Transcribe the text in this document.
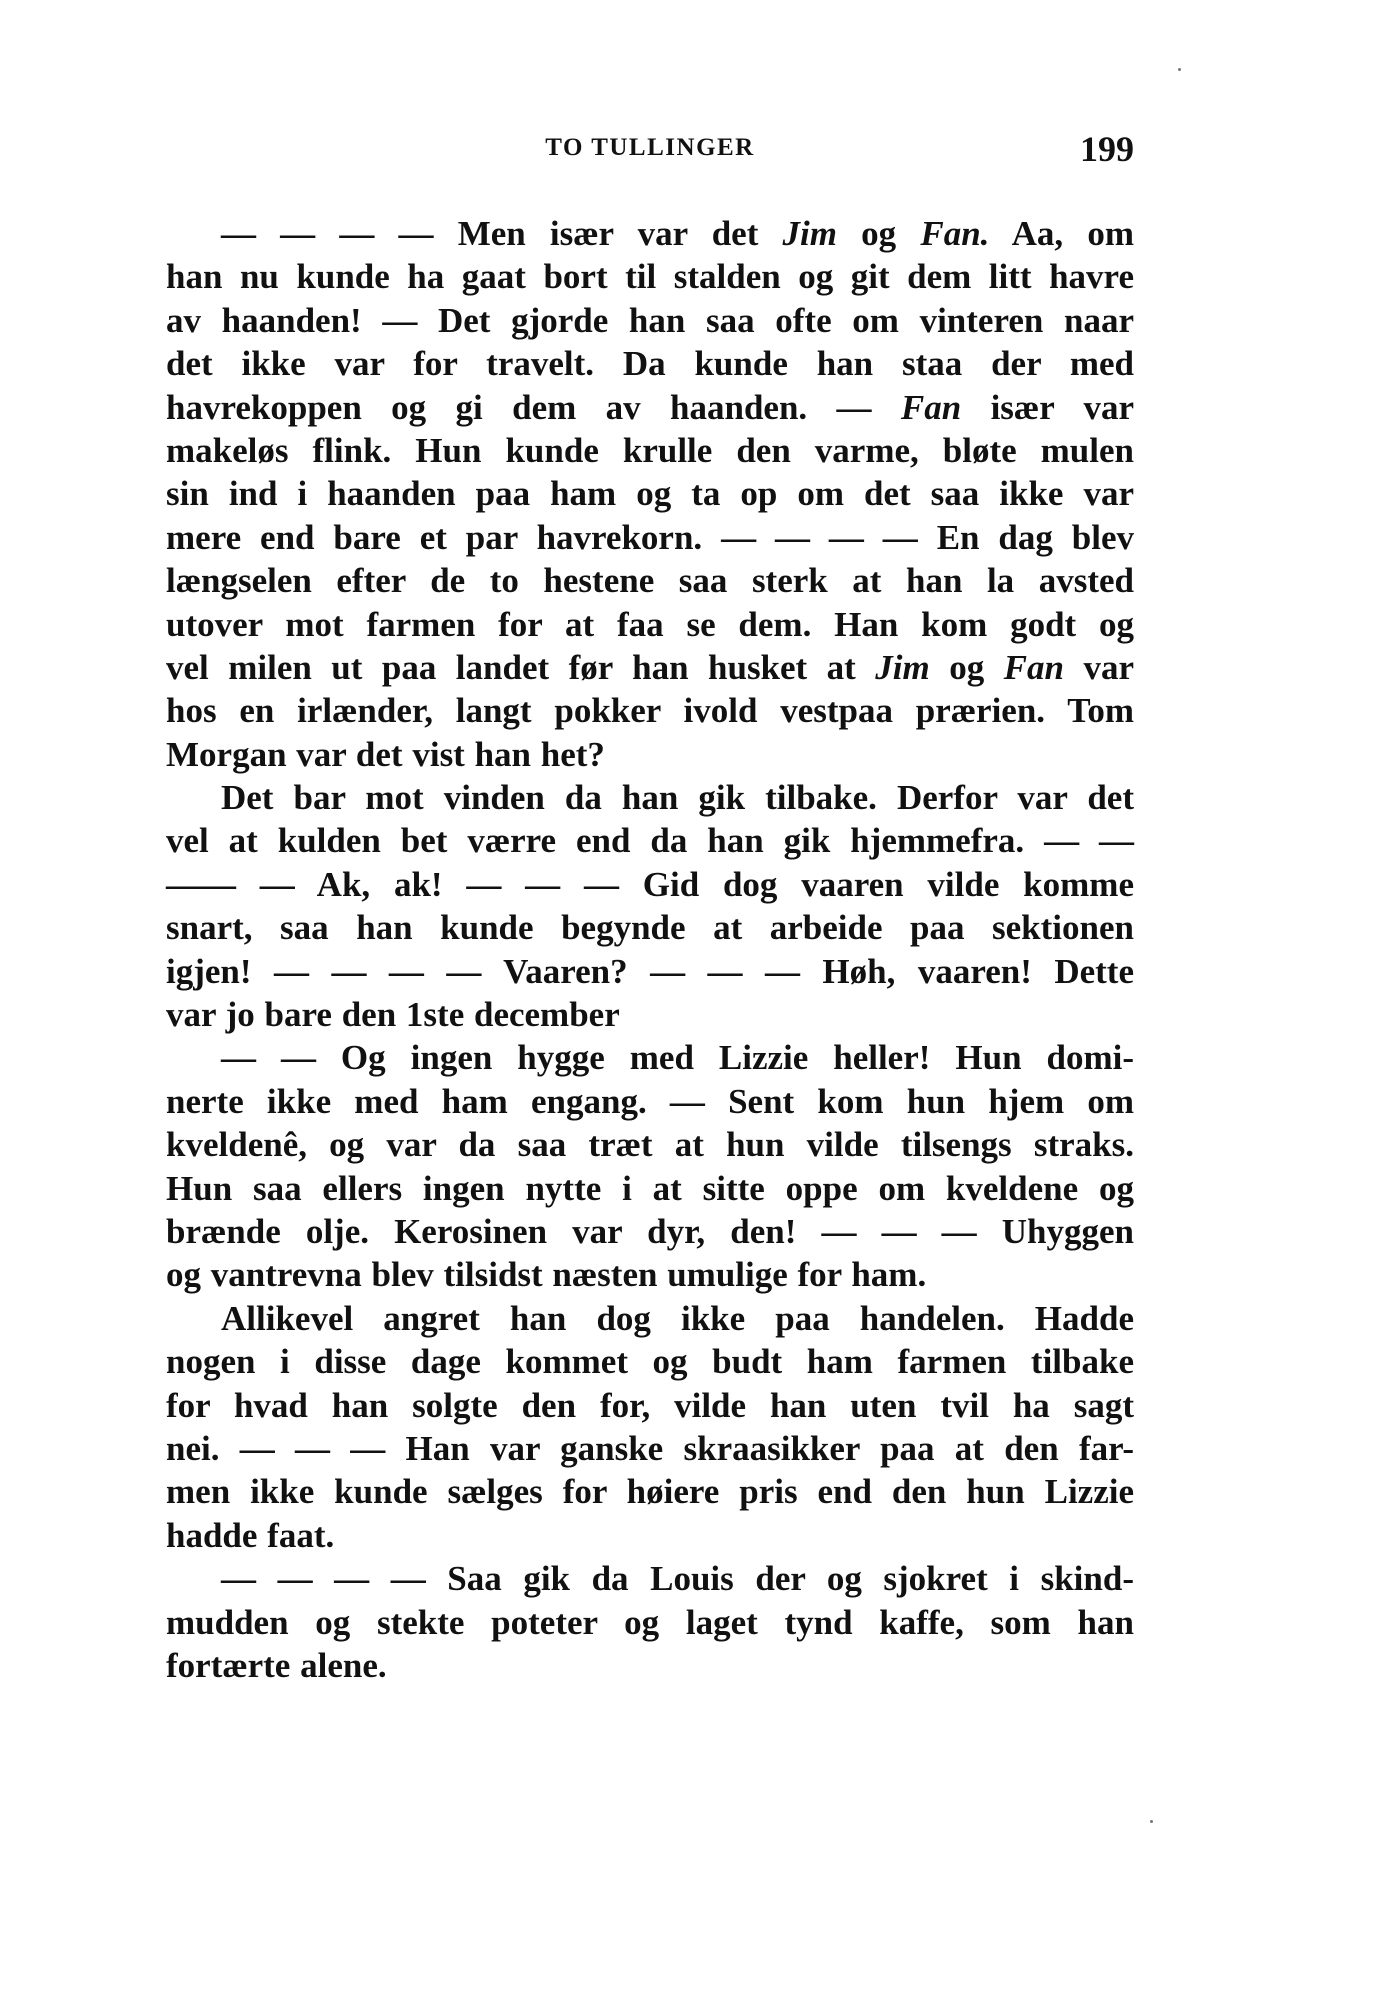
TO TULLINGER	199
— — — — Men især var det Jim og Fan. Aa, om
han nu kunde ha gaat bort til stalden og git dem litt havre
av haanden! — Det gjorde han saa ofte om vinteren naar
det ikke var for travelt. Da kunde han staa der med
havrekoppen og gi dem av haanden. — Fan især var
makeløs flink. Hun kunde krulle den varme, bløte mulen
sin ind i haanden paa ham og ta op om det saa ikke var
mere end bare et par havrekorn. — — — — En dag blev
længselen efter de to hestene saa sterk at han la avsted
utover mot farmen for at faa se dem. Han kom godt og
vel milen ut paa landet før han husket at Jim og Fan var
hos en irlænder, langt pokker ivold vestpaa prærien. Tom
Morgan var det vist han het?
Det bar mot vinden da han gik tilbake. Derfor var det
vel at kulden bet værre end da han gik hjemmefra. — —
—— — Ak, ak! — — — Gid dog vaaren vilde komme
snart, saa han kunde begynde at arbeide paa sektionen
igjen! — — — — Vaaren? — — — Høh, vaaren! Dette
var jo bare den 1ste december
— — Og ingen hygge med Lizzie heller! Hun domi-
nerte ikke med ham engang. — Sent kom hun hjem om
kveldenê, og var da saa træt at hun vilde tilsengs straks.
Hun saa ellers ingen nytte i at sitte oppe om kveldene og
brænde olje. Kerosinen var dyr, den! — — — Uhyggen
og vantrevna blev tilsidst næsten umulige for ham.
Allikevel angret han dog ikke paa handelen. Hadde
nogen i disse dage kommet og budt ham farmen tilbake
for hvad han solgte den for, vilde han uten tvil ha sagt
nei. — — — Han var ganske skraasikker paa at den far-
men ikke kunde sælges for høiere pris end den hun Lizzie
hadde faat.
— — — — Saa gik da Louis der og sjokret i skind-
mudden og stekte poteter og laget tynd kaffe, som han
fortærte alene.
